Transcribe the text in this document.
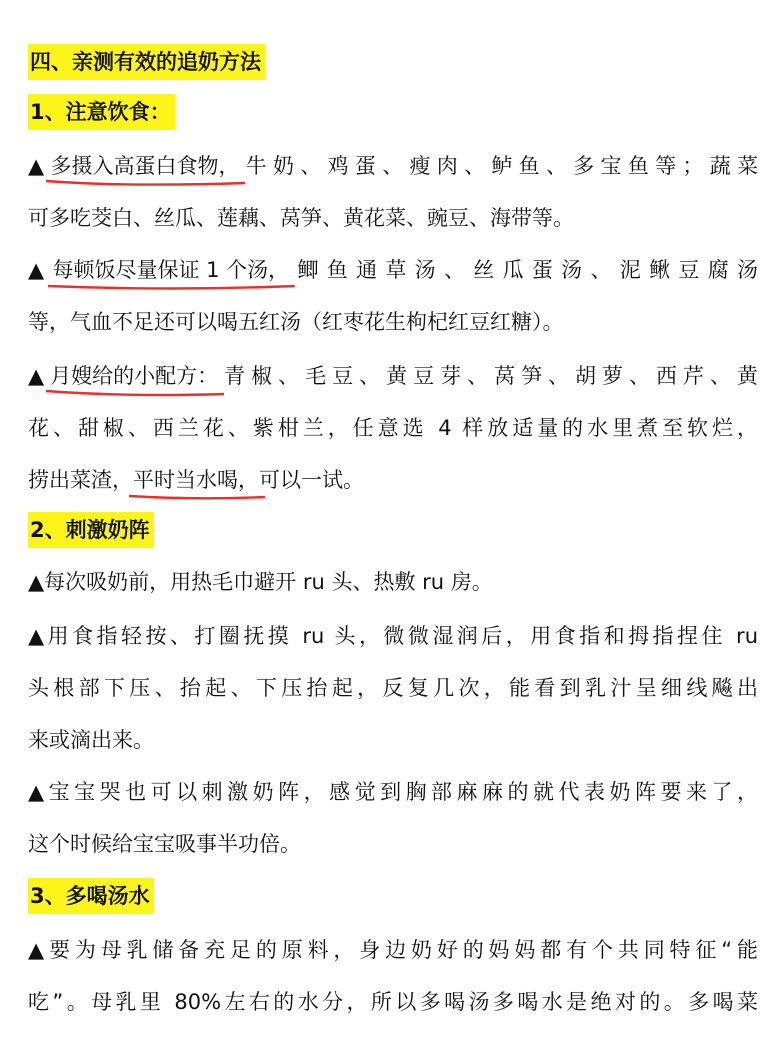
四、亲测有效的追奶方法
1、注意饮食：
▲多摄入高蛋白食物，
牛奶、鸡蛋、瘦肉、鲈鱼、多宝鱼等；蔬菜
可多吃茭白、丝瓜、莲藕、莴笋、黄花菜、豌豆、海带等。
▲每顿饭尽量保证 1 个汤，
鲫鱼通草汤、丝瓜蛋汤、泥鳅豆腐汤
等，气血不足还可以喝五红汤（红枣花生枸杞红豆红糖）。
▲月嫂给的小配方：
青椒、毛豆、黄豆芽、莴笋、胡萝、西芹、黄
花、甜椒、西兰花、紫柑兰，任意选 4 样放适量的水里煮至软烂，
捞出菜渣，平时当水喝，
可以一试。
2、刺激奶阵
▲每次吸奶前，用热毛巾避开 ru 头、热敷 ru 房。
▲用食指轻按、打圈抚摸 ru 头，微微湿润后，用食指和拇指捏住 ru
头根部下压、抬起、下压抬起，反复几次，能看到乳汁呈细线飚出
来或滴出来。
▲宝宝哭也可以刺激奶阵，感觉到胸部麻麻的就代表奶阵要来了，
这个时候给宝宝吸事半功倍。
3、多喝汤水
▲要为母乳储备充足的原料，身边奶好的妈妈都有个共同特征“能
吃”。母乳里 80%左右的水分，所以多喝汤多喝水是绝对的。多喝菜
